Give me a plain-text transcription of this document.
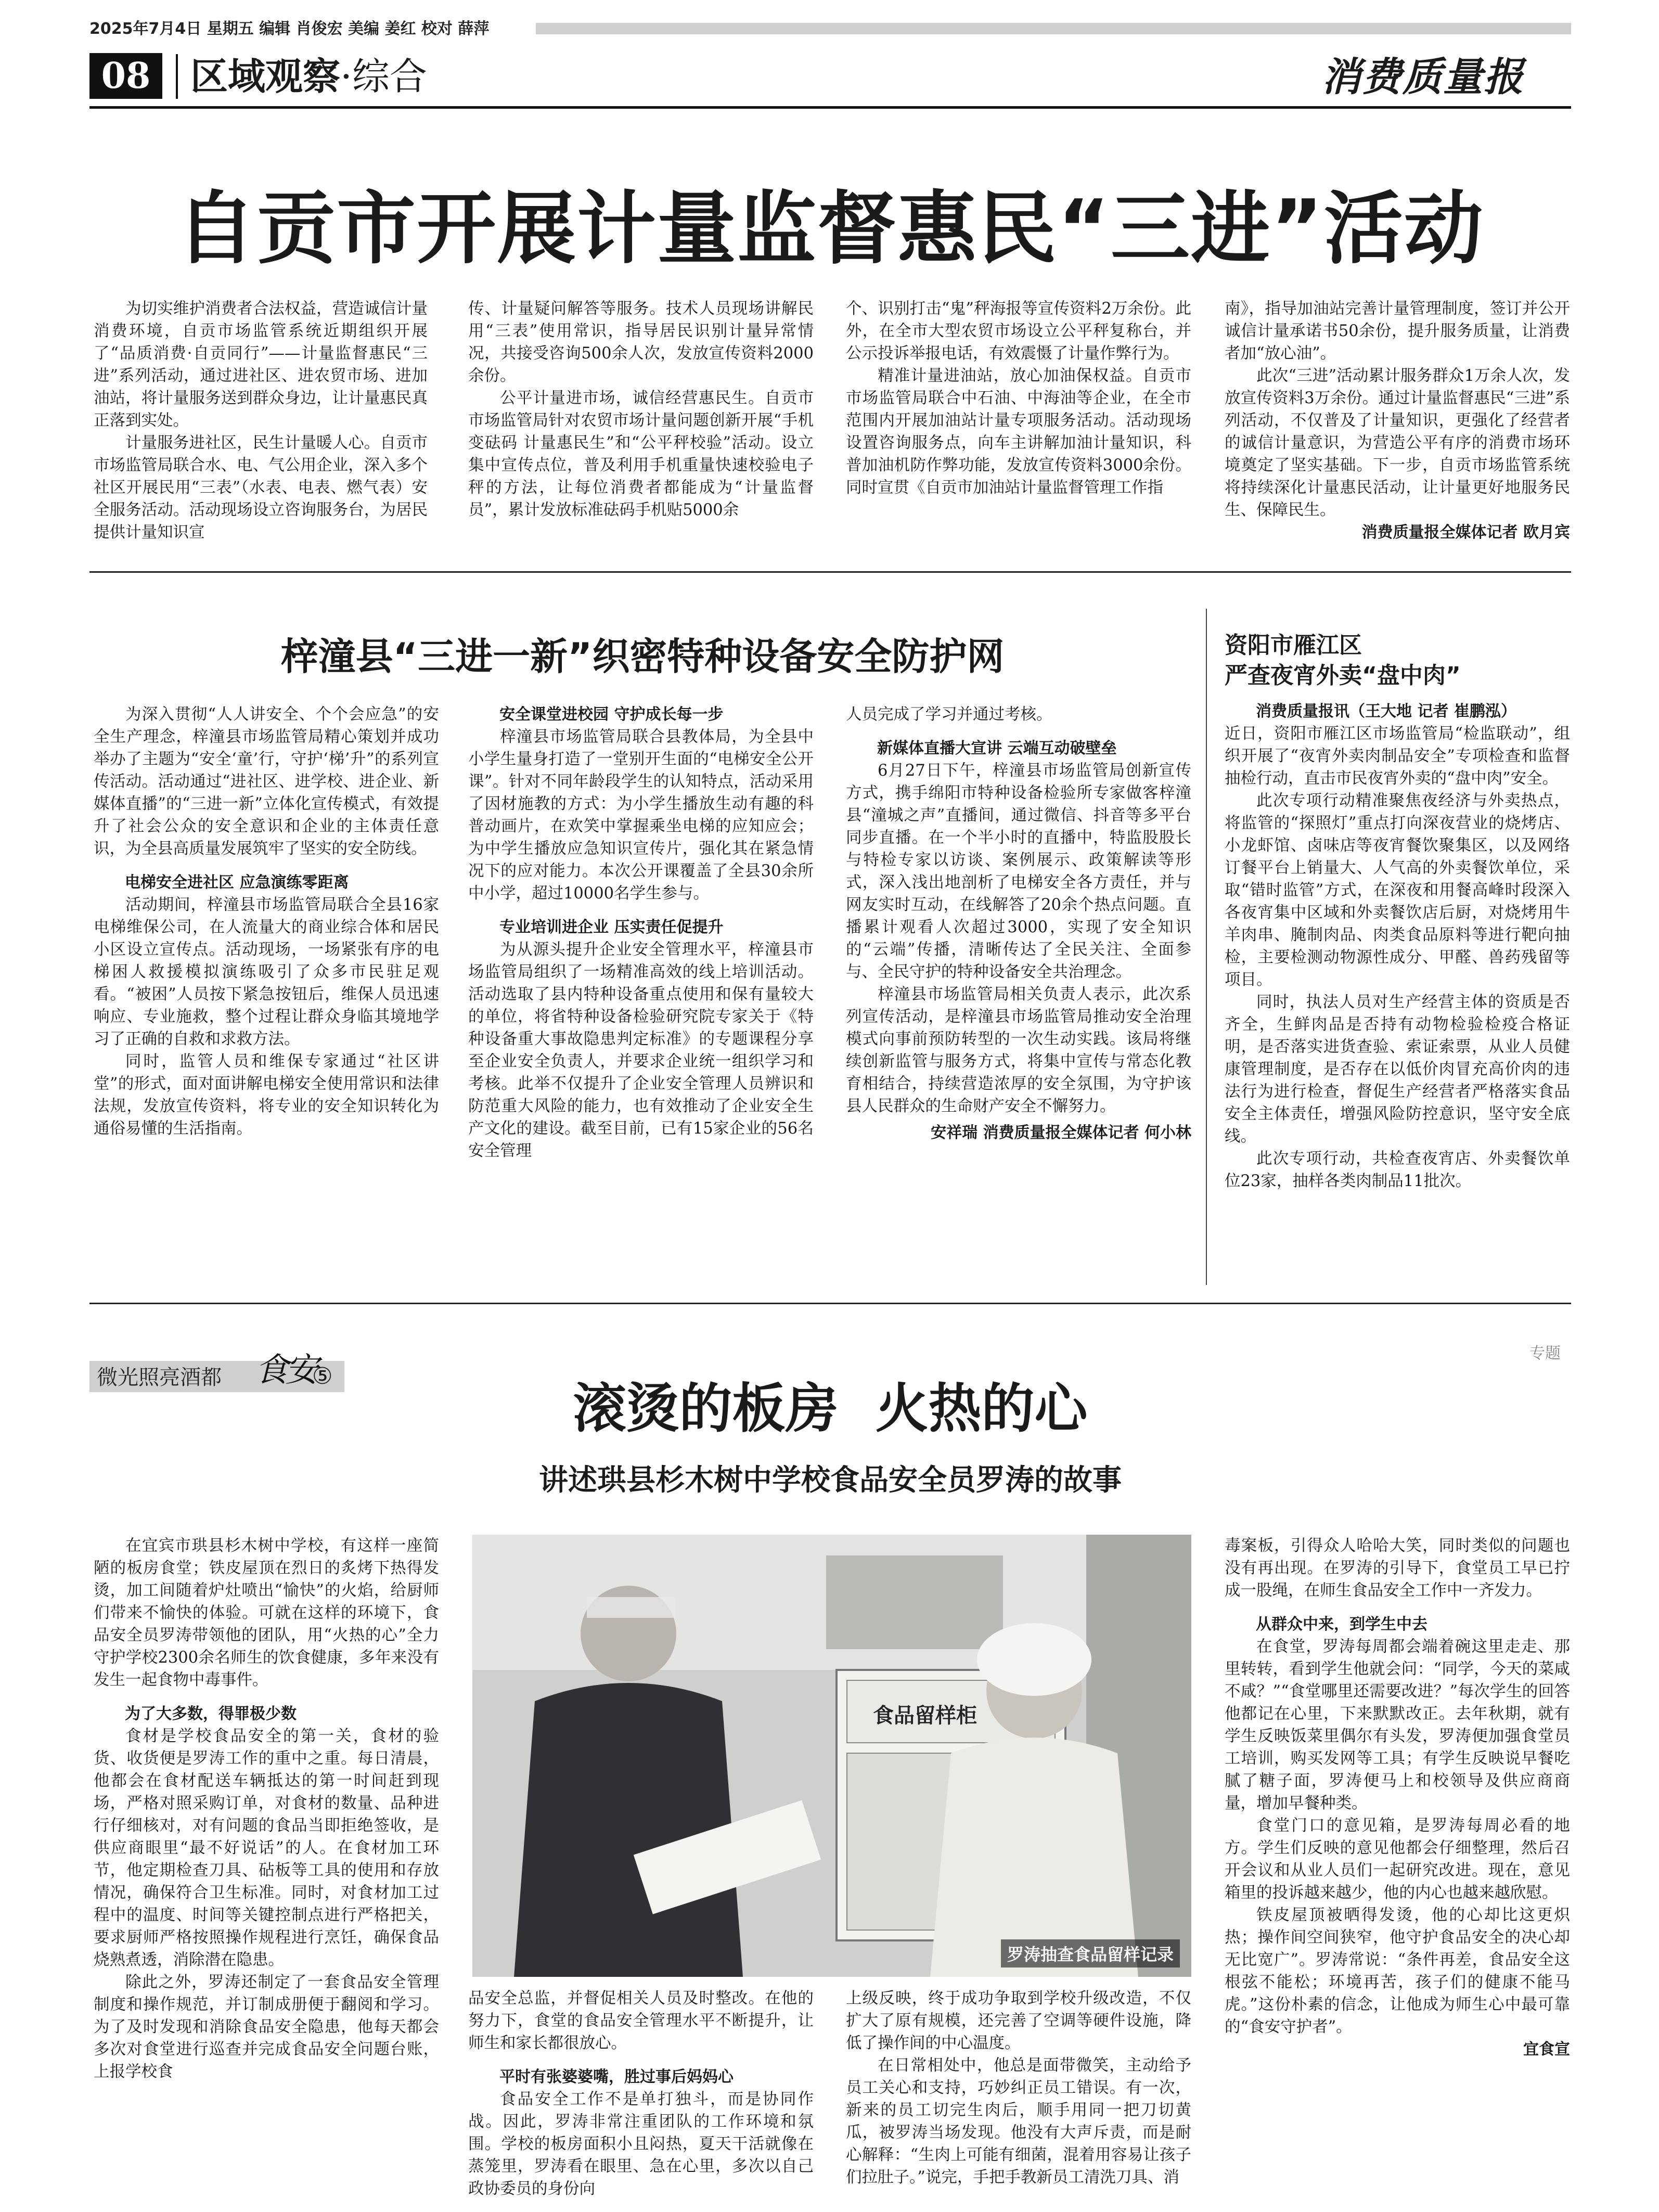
2025年7月4日 星期五 编辑 肖俊宏 美编 姜红 校对 薛萍
08	区域观察·综合	消费质量报
自贡市开展计量监督惠民“三进”活动

为切实维护消费者合法权益，营造诚信计量消费环境，自贡市场监管系统近期组织开展了“品质消费·自贡同行”——计量监督惠民“三进”系列活动，通过进社区、进农贸市场、进加油站，将计量服务送到群众身边，让计量惠民真正落到实处。

计量服务进社区，民生计量暖人心。自贡市市场监管局联合水、电、气公用企业，深入多个社区开展民用“三表”（水表、电表、燃气表）安全服务活动。活动现场设立咨询服务台，为居民提供计量知识宣

传、计量疑问解答等服务。技术人员现场讲解民用“三表”使用常识，指导居民识别计量异常情况，共接受咨询500余人次，发放宣传资料2000余份。

公平计量进市场，诚信经营惠民生。自贡市市场监管局针对农贸市场计量问题创新开展“手机变砝码 计量惠民生”和“公平秤校验”活动。设立集中宣传点位，普及利用手机重量快速校验电子秤的方法，让每位消费者都能成为“计量监督员”，累计发放标准砝码手机贴5000余

个、识别打击“鬼”秤海报等宣传资料2万余份。此外，在全市大型农贸市场设立公平秤复称台，并公示投诉举报电话，有效震慑了计量作弊行为。

精准计量进油站，放心加油保权益。自贡市市场监管局联合中石油、中海油等企业，在全市范围内开展加油站计量专项服务活动。活动现场设置咨询服务点，向车主讲解加油计量知识，科普加油机防作弊功能，发放宣传资料3000余份。同时宣贯《自贡市加油站计量监督管理工作指

南》，指导加油站完善计量管理制度，签订并公开诚信计量承诺书50余份，提升服务质量，让消费者加“放心油”。

此次“三进”活动累计服务群众1万余人次，发放宣传资料3万余份。通过计量监督惠民“三进”系列活动，不仅普及了计量知识，更强化了经营者的诚信计量意识，为营造公平有序的消费市场环境奠定了坚实基础。下一步，自贡市场监管系统将持续深化计量惠民活动，让计量更好地服务民生、保障民生。

消费质量报全媒体记者 欧月宾
梓潼县“三进一新”织密特种设备安全防护网

为深入贯彻“人人讲安全、个个会应急”的安全生产理念，梓潼县市场监管局精心策划并成功举办了主题为“安全‘童’行，守护‘梯’升”的系列宣传活动。活动通过“进社区、进学校、进企业、新媒体直播”的“三进一新”立体化宣传模式，有效提升了社会公众的安全意识和企业的主体责任意识，为全县高质量发展筑牢了坚实的安全防线。

电梯安全进社区 应急演练零距离

活动期间，梓潼县市场监管局联合全县16家电梯维保公司，在人流量大的商业综合体和居民小区设立宣传点。活动现场，一场紧张有序的电梯困人救援模拟演练吸引了众多市民驻足观看。“被困”人员按下紧急按钮后，维保人员迅速响应、专业施救，整个过程让群众身临其境地学习了正确的自救和求救方法。

同时，监管人员和维保专家通过“社区讲堂”的形式，面对面讲解电梯安全使用常识和法律法规，发放宣传资料，将专业的安全知识转化为通俗易懂的生活指南。

安全课堂进校园 守护成长每一步

梓潼县市场监管局联合县教体局，为全县中小学生量身打造了一堂别开生面的“电梯安全公开课”。针对不同年龄段学生的认知特点，活动采用了因材施教的方式：为小学生播放生动有趣的科普动画片，在欢笑中掌握乘坐电梯的应知应会；为中学生播放应急知识宣传片，强化其在紧急情况下的应对能力。本次公开课覆盖了全县30余所中小学，超过10000名学生参与。

专业培训进企业 压实责任促提升

为从源头提升企业安全管理水平，梓潼县市场监管局组织了一场精准高效的线上培训活动。活动选取了县内特种设备重点使用和保有量较大的单位，将省特种设备检验研究院专家关于《特种设备重大事故隐患判定标准》的专题课程分享至企业安全负责人，并要求企业统一组织学习和考核。此举不仅提升了企业安全管理人员辨识和防范重大风险的能力，也有效推动了企业安全生产文化的建设。截至目前，已有15家企业的56名安全管理

人员完成了学习并通过考核。

新媒体直播大宣讲 云端互动破壁垒

6月27日下午，梓潼县市场监管局创新宣传方式，携手绵阳市特种设备检验所专家做客梓潼县“潼城之声”直播间，通过微信、抖音等多平台同步直播。在一个半小时的直播中，特监股股长与特检专家以访谈、案例展示、政策解读等形式，深入浅出地剖析了电梯安全各方责任，并与网友实时互动，在线解答了20余个热点问题。直播累计观看人次超过3000，实现了安全知识的“云端”传播，清晰传达了全民关注、全面参与、全民守护的特种设备安全共治理念。

梓潼县市场监管局相关负责人表示，此次系列宣传活动，是梓潼县市场监管局推动安全治理模式向事前预防转型的一次生动实践。该局将继续创新监管与服务方式，将集中宣传与常态化教育相结合，持续营造浓厚的安全氛围，为守护该县人民群众的生命财产安全不懈努力。

安祥瑞 消费质量报全媒体记者 何小林
资阳市雁江区
严查夜宵外卖“盘中肉”
消费质量报讯（王大地 记者 崔鹏泓）

近日，资阳市雁江区市场监管局“检监联动”，组织开展了“夜宵外卖肉制品安全”专项检查和监督抽检行动，直击市民夜宵外卖的“盘中肉”安全。

此次专项行动精准聚焦夜经济与外卖热点，将监管的“探照灯”重点打向深夜营业的烧烤店、小龙虾馆、卤味店等夜宵餐饮聚集区，以及网络订餐平台上销量大、人气高的外卖餐饮单位，采取“错时监管”方式，在深夜和用餐高峰时段深入各夜宵集中区域和外卖餐饮店后厨，对烧烤用牛羊肉串、腌制肉品、肉类食品原料等进行靶向抽检，主要检测动物源性成分、甲醛、兽药残留等项目。

同时，执法人员对生产经营主体的资质是否齐全，生鲜肉品是否持有动物检验检疫合格证明，是否落实进货查验、索证索票，从业人员健康管理制度，是否存在以低价肉冒充高价肉的违法行为进行检查，督促生产经营者严格落实食品安全主体责任，增强风险防控意识，坚守安全底线。

此次专项行动，共检查夜宵店、外卖餐饮单位23家，抽样各类肉制品11批次。

专题
微光照亮酒都 食安
⑤
滚烫的板房  火热的心
讲述珙县杉木树中学校食品安全员罗涛的故事
食品留样柜
罗涛抽查食品留样记录

在宜宾市珙县杉木树中学校，有这样一座简陋的板房食堂；铁皮屋顶在烈日的炙烤下热得发烫，加工间随着炉灶喷出“愉快”的火焰，给厨师们带来不愉快的体验。可就在这样的环境下，食品安全员罗涛带领他的团队，用“火热的心”全力守护学校2300余名师生的饮食健康，多年来没有发生一起食物中毒事件。

为了大多数，得罪极少数

食材是学校食品安全的第一关，食材的验货、收货便是罗涛工作的重中之重。每日清晨，他都会在食材配送车辆抵达的第一时间赶到现场，严格对照采购订单，对食材的数量、品种进行仔细核对，对有问题的食品当即拒绝签收，是供应商眼里“最不好说话”的人。在食材加工环节，他定期检查刀具、砧板等工具的使用和存放情况，确保符合卫生标准。同时，对食材加工过程中的温度、时间等关键控制点进行严格把关，要求厨师严格按照操作规程进行烹饪，确保食品烧熟煮透，消除潜在隐患。

除此之外，罗涛还制定了一套食品安全管理制度和操作规范，并订制成册便于翻阅和学习。为了及时发现和消除食品安全隐患，他每天都会多次对食堂进行巡查并完成食品安全问题台账，上报学校食

品安全总监，并督促相关人员及时整改。在他的努力下，食堂的食品安全管理水平不断提升，让师生和家长都很放心。

平时有张婆婆嘴，胜过事后妈妈心

食品安全工作不是单打独斗，而是协同作战。因此，罗涛非常注重团队的工作环境和氛围。学校的板房面积小且闷热，夏天干活就像在蒸笼里，罗涛看在眼里、急在心里，多次以自己政协委员的身份向

上级反映，终于成功争取到学校升级改造，不仅扩大了原有规模，还完善了空调等硬件设施，降低了操作间的中心温度。

在日常相处中，他总是面带微笑，主动给予员工关心和支持，巧妙纠正员工错误。有一次，新来的员工切完生肉后，顺手用同一把刀切黄瓜，被罗涛当场发现。他没有大声斥责，而是耐心解释：“生肉上可能有细菌，混着用容易让孩子们拉肚子。”说完，手把手教新员工清洗刀具、消

毒案板，引得众人哈哈大笑，同时类似的问题也没有再出现。在罗涛的引导下，食堂员工早已拧成一股绳，在师生食品安全工作中一齐发力。

从群众中来，到学生中去

在食堂，罗涛每周都会端着碗这里走走、那里转转，看到学生他就会问：“同学，今天的菜咸不咸？”“食堂哪里还需要改进？”每次学生的回答他都记在心里，下来默默改正。去年秋期，就有学生反映饭菜里偶尔有头发，罗涛便加强食堂员工培训，购买发网等工具；有学生反映说早餐吃腻了糖子面，罗涛便马上和校领导及供应商商量，增加早餐种类。

食堂门口的意见箱，是罗涛每周必看的地方。学生们反映的意见他都会仔细整理，然后召开会议和从业人员们一起研究改进。现在，意见箱里的投诉越来越少，他的内心也越来越欣慰。

铁皮屋顶被晒得发烫，他的心却比这更炽热；操作间空间狭窄，他守护食品安全的决心却无比宽广”。罗涛常说：“条件再差，食品安全这根弦不能松；环境再苦，孩子们的健康不能马虎。”这份朴素的信念，让他成为师生心中最可靠的“食安守护者”。

宜食宣
